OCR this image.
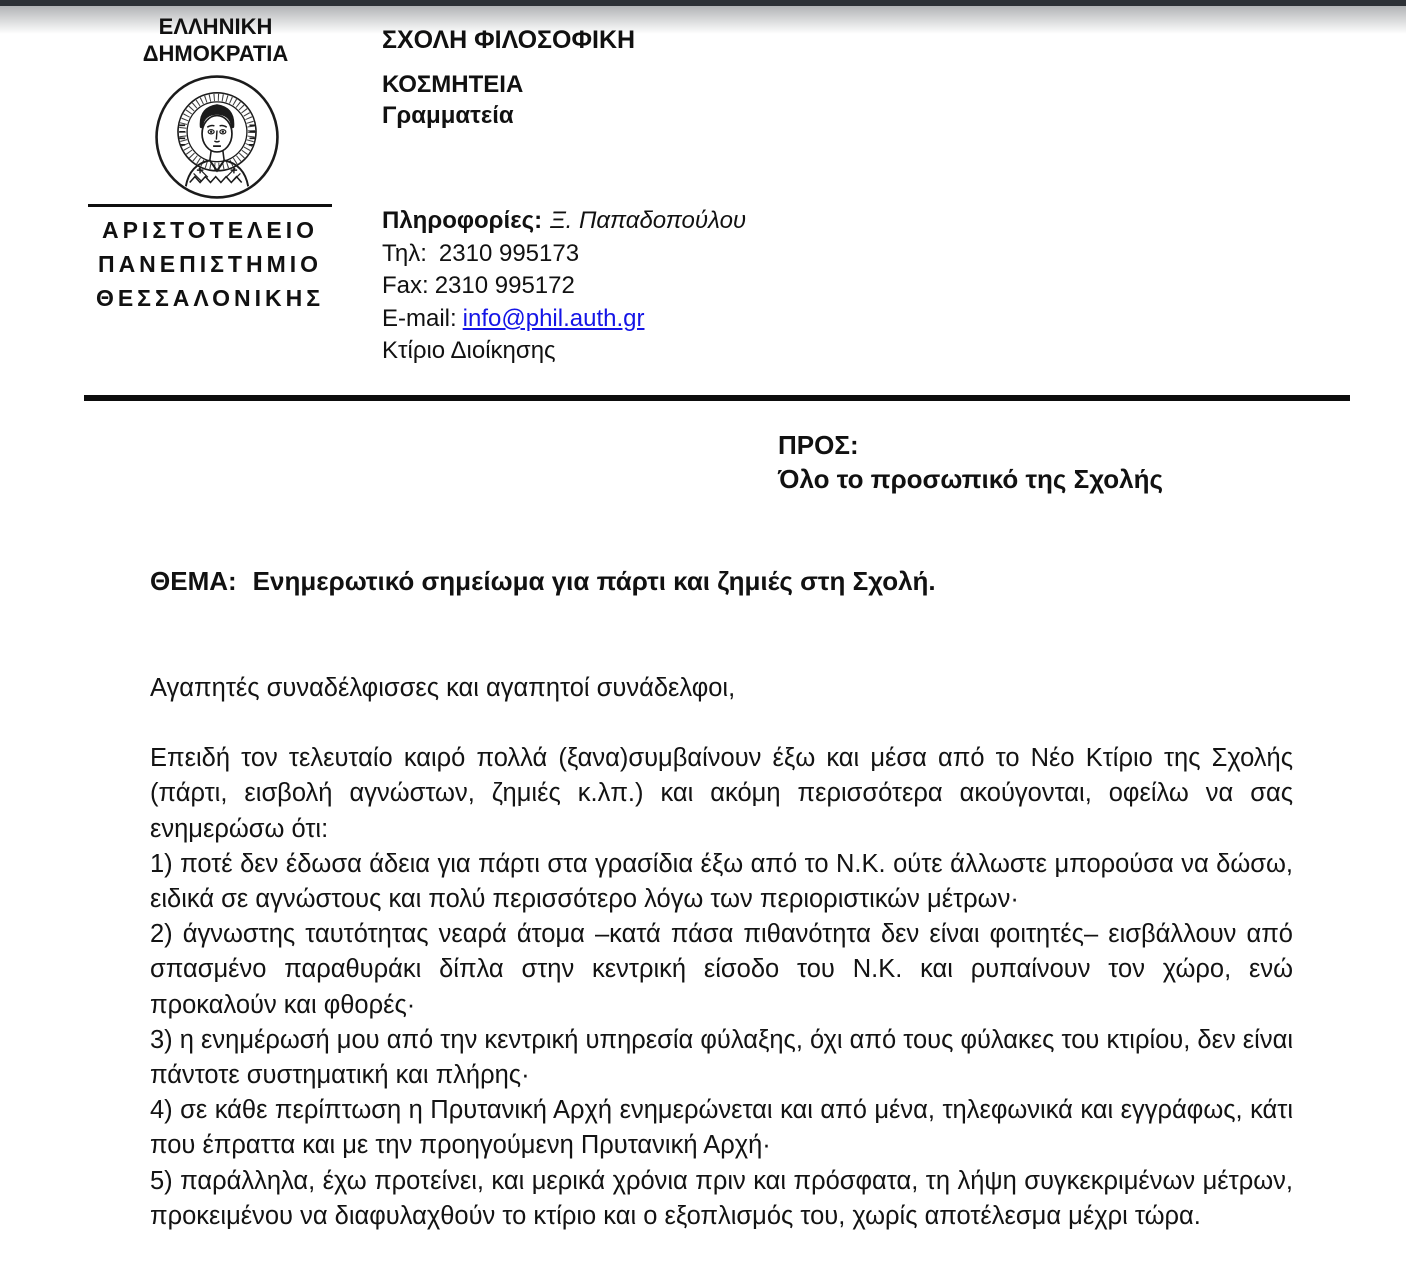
ΕΛΛΗΝΙΚΗ
ΔΗΜΟΚΡΑΤΙΑ
ΑΡΙΣΤΟΤΕΛΕΙΟ
ΠΑΝΕΠΙΣΤΗΜΙΟ
ΘΕΣΣΑΛΟΝΙΚΗΣ
ΣΧΟΛΗ ΦΙΛΟΣΟΦΙΚΗ
ΚΟΣΜΗΤΕΙΑ
Γραμματεία
Πληροφορίες: Ξ. Παπαδοπούλου
Τηλ: 2310 995173
Fax: 2310 995172
E-mail: info@phil.auth.gr
Κτίριο Διοίκησης
ΠΡΟΣ:
Όλο το προσωπικό της Σχολής
ΘΕΜΑ: Ενημερωτικό σημείωμα για πάρτι και ζημιές στη Σχολή.

Αγαπητές συναδέλφισσες και αγαπητοί συνάδελφοι,

Επειδή τον τελευταίο καιρό πολλά (ξανα)συμβαίνουν έξω και μέσα από το Νέο Κτίριο της Σχολής (πάρτι, εισβολή αγνώστων, ζημιές κ.λπ.) και ακόμη περισσότερα ακούγονται, οφείλω να σας ενημερώσω ότι:

1) ποτέ δεν έδωσα άδεια για πάρτι στα γρασίδια έξω από το Ν.Κ. ούτε άλλωστε μπορούσα να δώσω, ειδικά σε αγνώστους και πολύ περισσότερο λόγω των περιοριστικών μέτρων·

2) άγνωστης ταυτότητας νεαρά άτομα –κατά πάσα πιθανότητα δεν είναι φοιτητές– εισβάλλουν από σπασμένο παραθυράκι δίπλα στην κεντρική είσοδο του Ν.Κ. και ρυπαίνουν τον χώρο, ενώ προκαλούν και φθορές·

3) η ενημέρωσή μου από την κεντρική υπηρεσία φύλαξης, όχι από τους φύλακες του κτιρίου, δεν είναι πάντοτε συστηματική και πλήρης·

4) σε κάθε περίπτωση η Πρυτανική Αρχή ενημερώνεται και από μένα, τηλεφωνικά και εγγράφως, κάτι που έπραττα και με την προηγούμενη Πρυτανική Αρχή·

5) παράλληλα, έχω προτείνει, και μερικά χρόνια πριν και πρόσφατα, τη λήψη συγκεκριμένων μέτρων, προκειμένου να διαφυλαχθούν το κτίριο και ο εξοπλισμός του, χωρίς αποτέλεσμα μέχρι τώρα.
